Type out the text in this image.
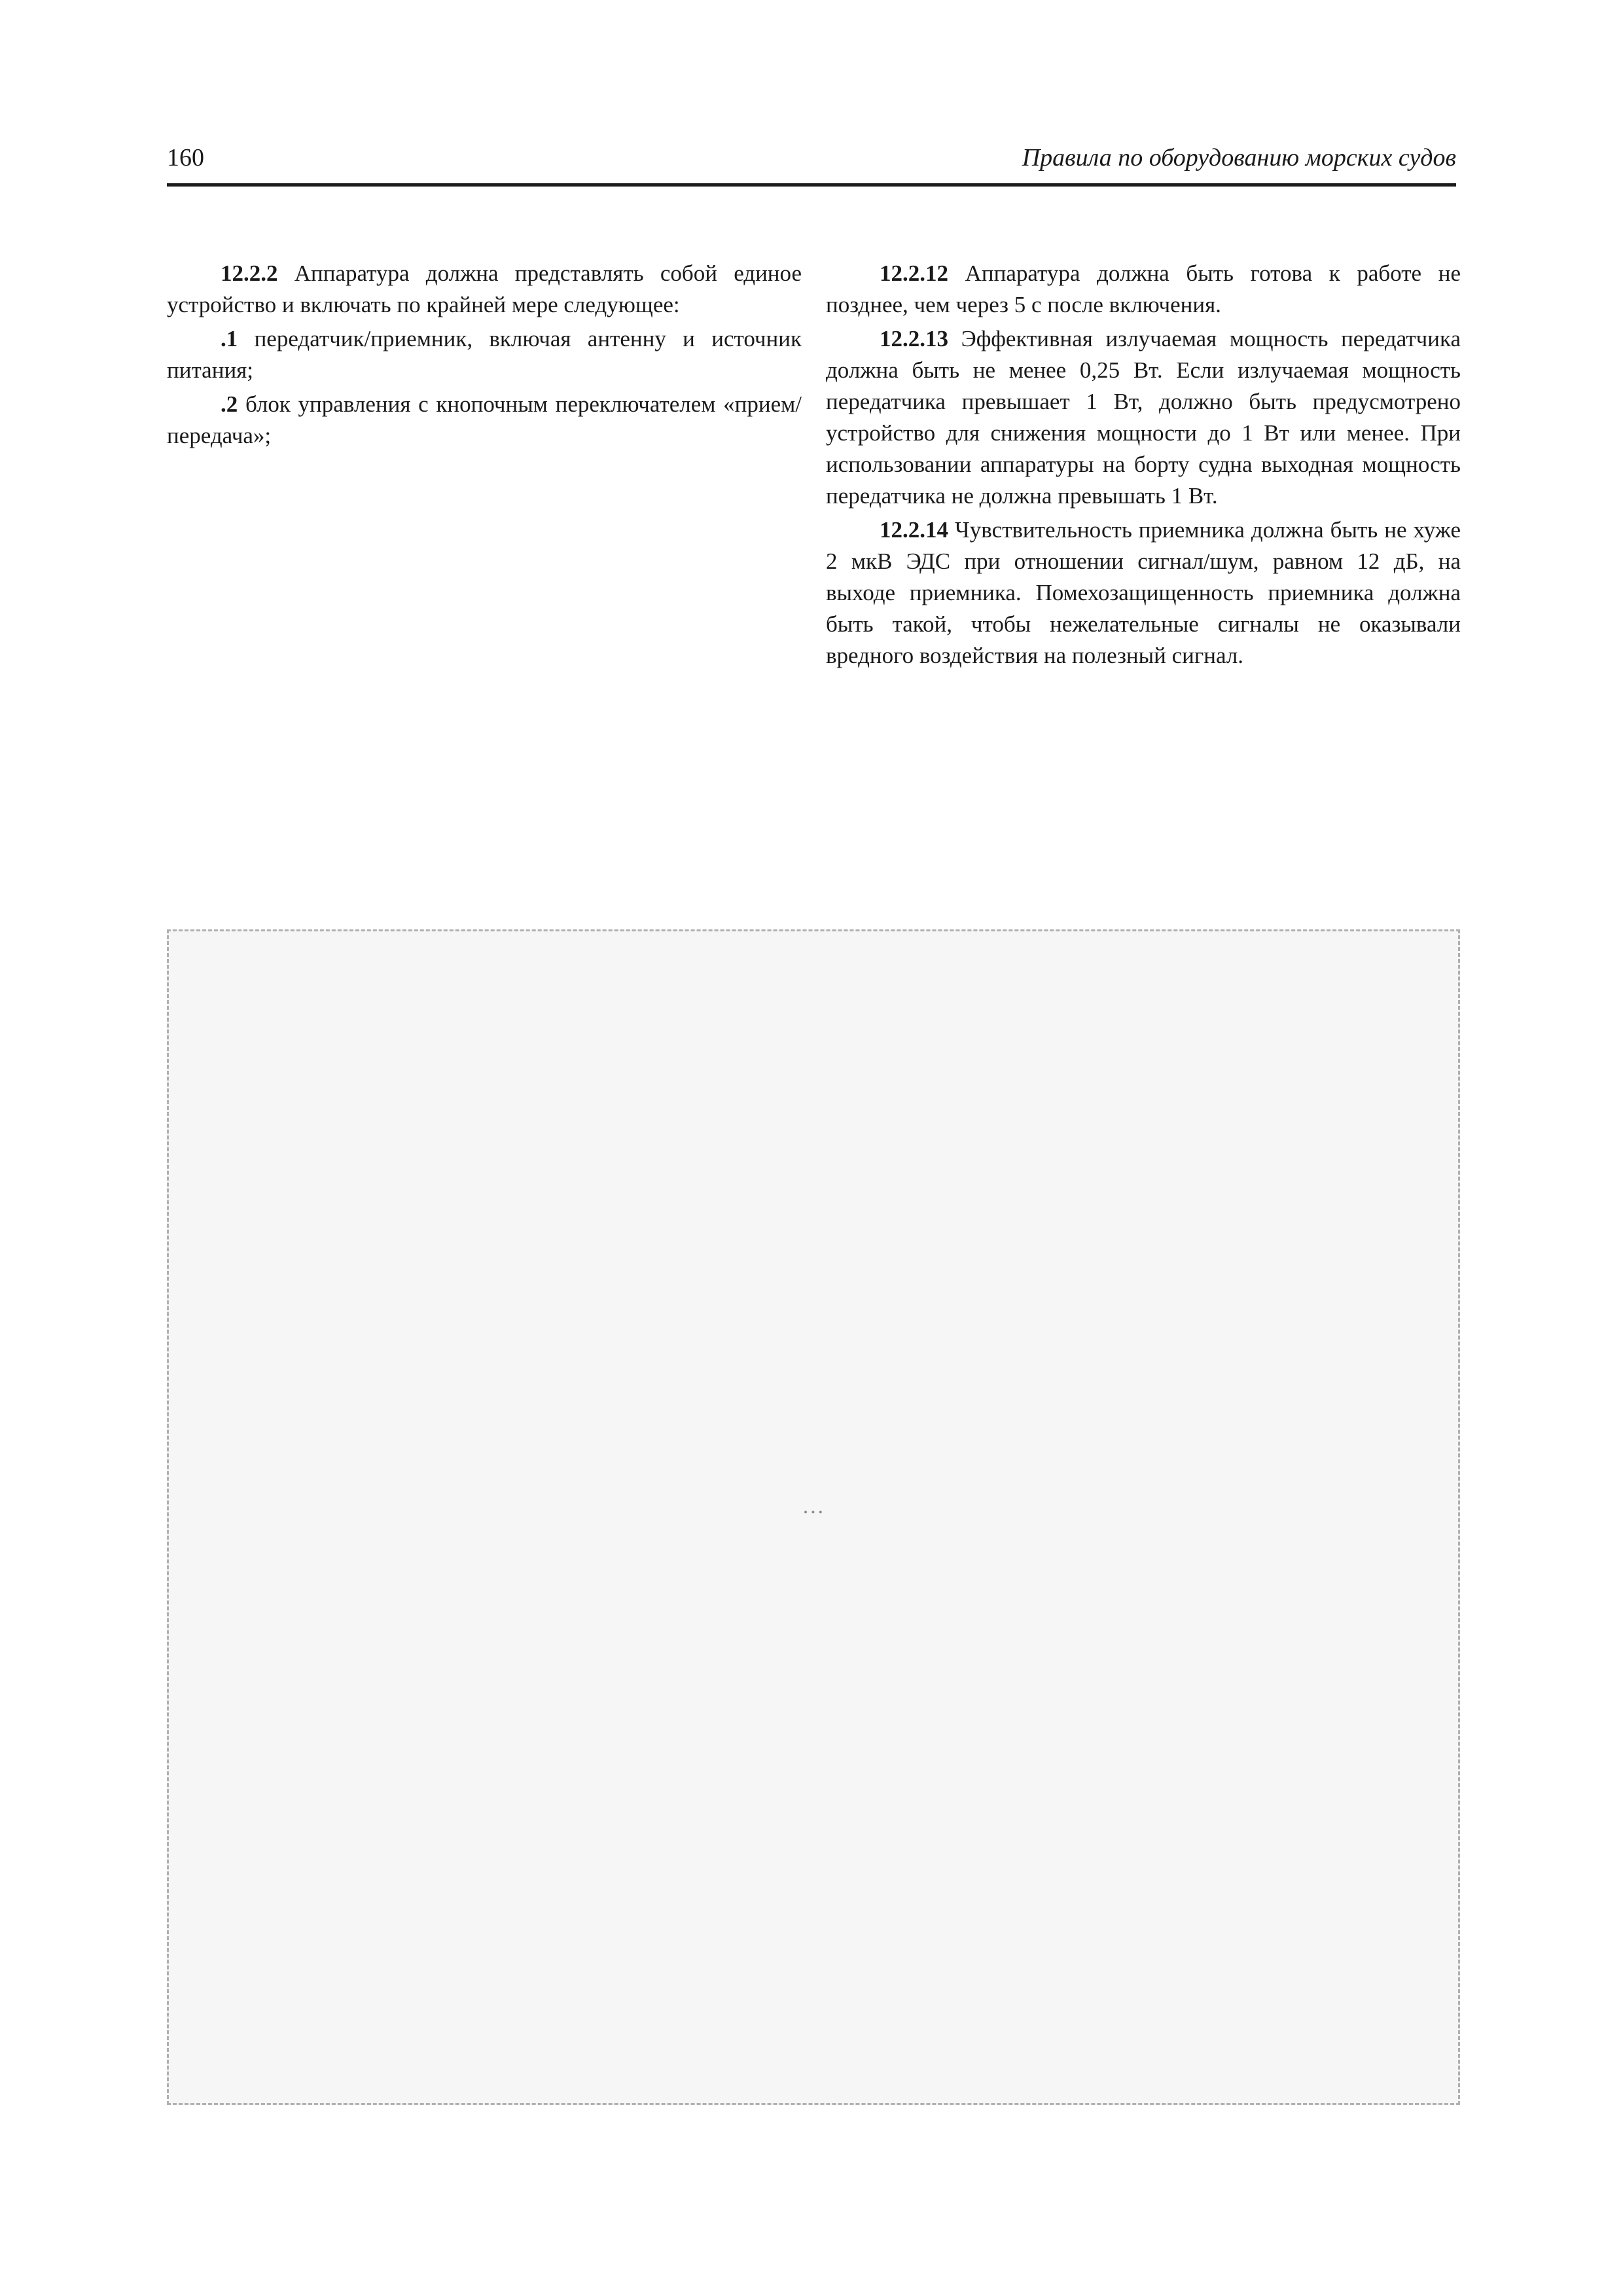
160	Правила по оборудованию морских судов

12.2.2 Аппаратура должна представлять собой единое устройство и включать по крайней мере следующее:

.1 передатчик/приемник, включая антенну и источник питания;

.2 блок управления с кнопочным переключателем «прием/передача»;

12.2.12 Аппаратура должна быть готова к работе не позднее, чем через 5 с после включения.

12.2.13 Эффективная излучаемая мощность передатчика должна быть не менее 0,25 Вт. Если излучаемая мощность передатчика превышает 1 Вт, должно быть предусмотрено устройство для снижения мощности до 1 Вт или менее. При использовании аппаратуры на борту судна выходная мощность передатчика не должна превышать 1 Вт.

12.2.14 Чувствительность приемника должна быть не хуже 2 мкВ ЭДС при отношении сигнал/шум, равном 12 дБ, на выходе приемника. Помехозащищенность приемника должна быть такой, чтобы нежелательные сигналы не оказывали вредного воздействия на полезный сигнал.

…
